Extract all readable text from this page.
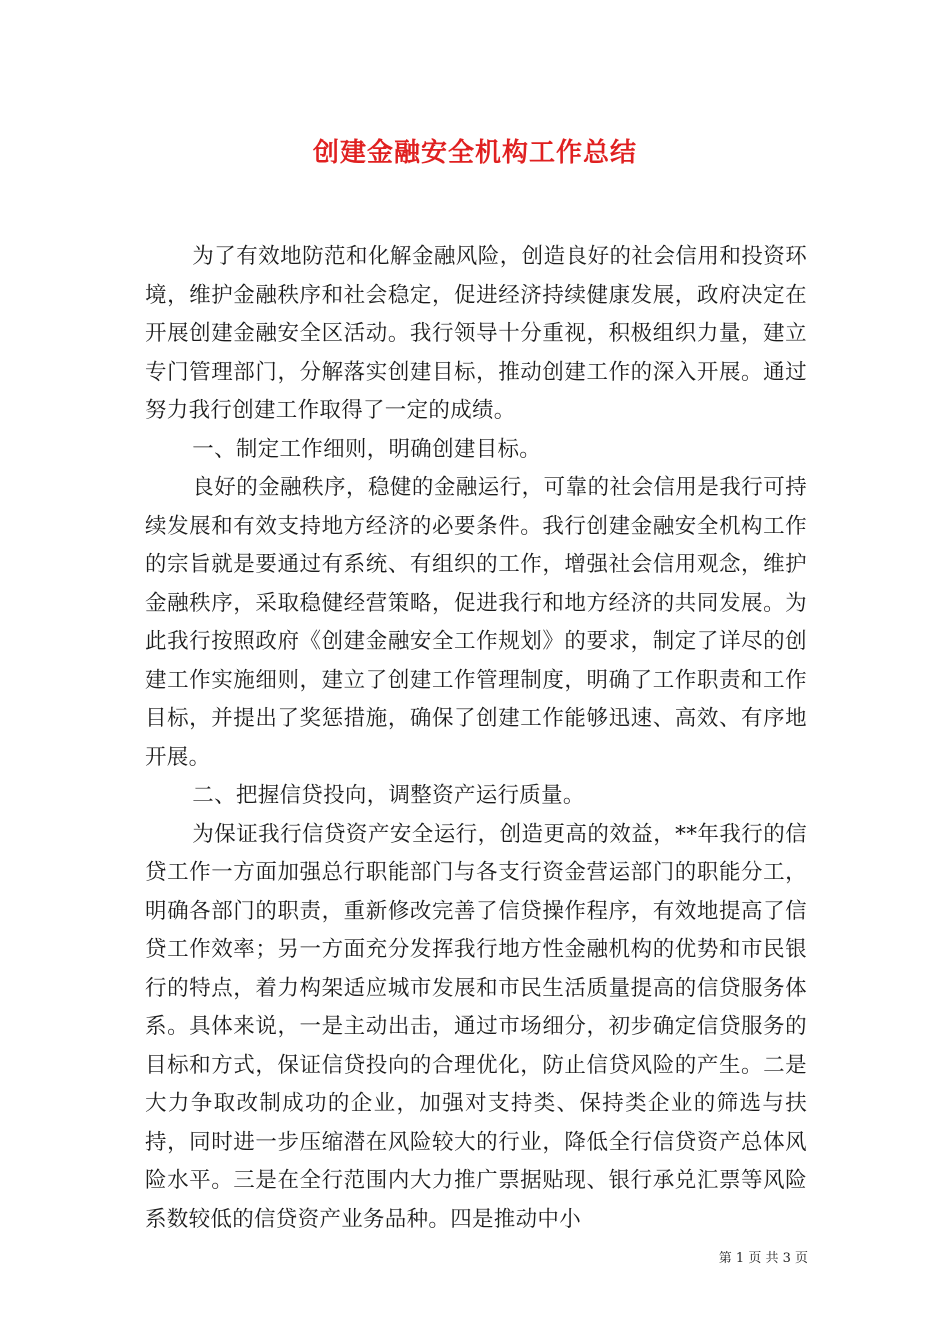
创建金融安全机构工作总结

为了有效地防范和化解金融风险，创造良好的社会信用和投资环境，维护金融秩序和社会稳定，促进经济持续健康发展，政府决定在开展创建金融安全区活动。我行领导十分重视，积极组织力量，建立专门管理部门，分解落实创建目标，推动创建工作的深入开展。通过努力我行创建工作取得了一定的成绩。

一、制定工作细则，明确创建目标。

良好的金融秩序，稳健的金融运行，可靠的社会信用是我行可持续发展和有效支持地方经济的必要条件。我行创建金融安全机构工作的宗旨就是要通过有系统、有组织的工作，增强社会信用观念，维护金融秩序，采取稳健经营策略，促进我行和地方经济的共同发展。为此我行按照政府《创建金融安全工作规划》的要求，制定了详尽的创建工作实施细则，建立了创建工作管理制度，明确了工作职责和工作目标，并提出了奖惩措施，确保了创建工作能够迅速、高效、有序地开展。

二、把握信贷投向，调整资产运行质量。

为保证我行信贷资产安全运行，创造更高的效益，**年我行的信贷工作一方面加强总行职能部门与各支行资金营运部门的职能分工，明确各部门的职责，重新修改完善了信贷操作程序，有效地提高了信贷工作效率；另一方面充分发挥我行地方性金融机构的优势和市民银行的特点，着力构架适应城市发展和市民生活质量提高的信贷服务体系。具体来说，一是主动出击，通过市场细分，初步确定信贷服务的目标和方式，保证信贷投向的合理优化，防止信贷风险的产生。二是大力争取改制成功的企业，加强对支持类、保持类企业的筛选与扶持，同时进一步压缩潜在风险较大的行业，降低全行信贷资产总体风险水平。三是在全行范围内大力推广票据贴现、银行承兑汇票等风险系数较低的信贷资产业务品种。四是推动中小

第 1 页 共 3 页
